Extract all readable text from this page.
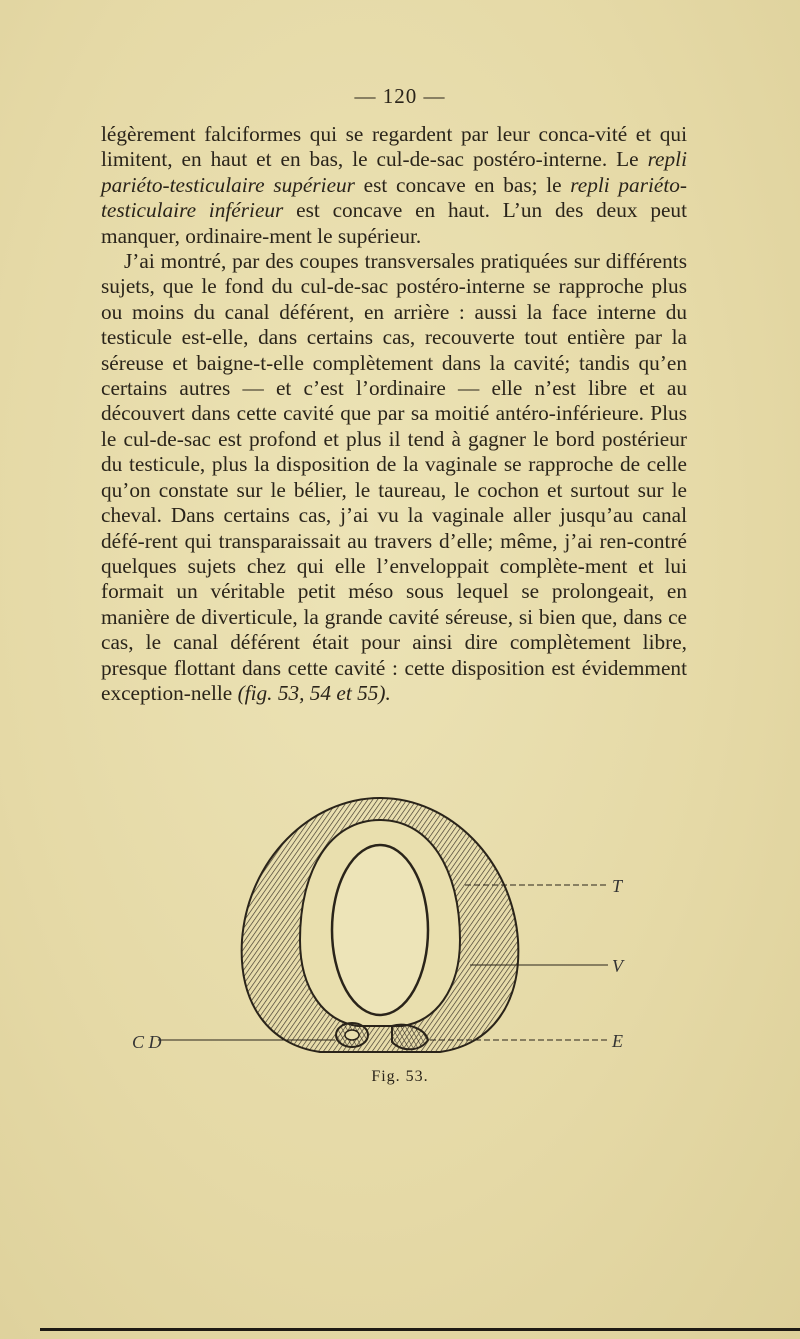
— 120 —

légèrement falciformes qui se regardent par leur conca-vité et qui limitent, en haut et en bas, le cul-de-sac postéro-interne. Le repli pariéto-testiculaire supérieur est concave en bas; le repli pariéto-testiculaire inférieur est concave en haut. L’un des deux peut manquer, ordinaire-ment le supérieur.

J’ai montré, par des coupes transversales pratiquées sur différents sujets, que le fond du cul-de-sac postéro-interne se rapproche plus ou moins du canal déférent, en arrière : aussi la face interne du testicule est-elle, dans certains cas, recouverte tout entière par la séreuse et baigne-t-elle complètement dans la cavité; tandis qu’en certains autres — et c’est l’ordinaire — elle n’est libre et au découvert dans cette cavité que par sa moitié antéro-inférieure. Plus le cul-de-sac est profond et plus il tend à gagner le bord postérieur du testicule, plus la disposition de la vaginale se rapproche de celle qu’on constate sur le bélier, le taureau, le cochon et surtout sur le cheval. Dans certains cas, j’ai vu la vaginale aller jusqu’au canal défé-rent qui transparaissait au travers d’elle; même, j’ai ren-contré quelques sujets chez qui elle l’enveloppait complète-ment et lui formait un véritable petit méso sous lequel se prolongeait, en manière de diverticule, la grande cavité séreuse, si bien que, dans ce cas, le canal déférent était pour ainsi dire complètement libre, presque flottant dans cette cavité : cette disposition est évidemment exception-nelle (fig. 53, 54 et 55).

C D
T
V
E
Fig. 53.
